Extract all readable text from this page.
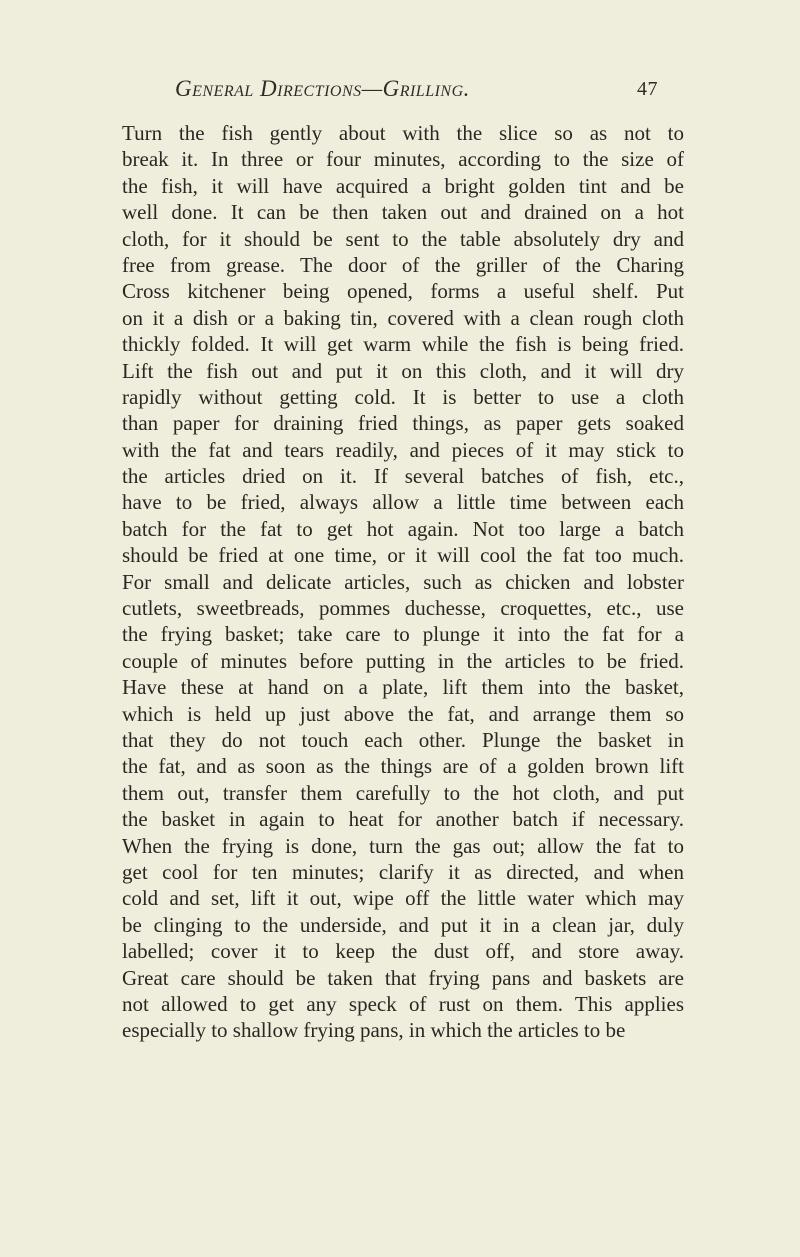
General Directions—Grilling.	47
Turn the fish gently about with the slice so as not to
break it. In three or four minutes, according to the size of
the fish, it will have acquired a bright golden tint and be
well done. It can be then taken out and drained on a hot
cloth, for it should be sent to the table absolutely dry and
free from grease. The door of the griller of the Charing
Cross kitchener being opened, forms a useful shelf. Put
on it a dish or a baking tin, covered with a clean rough cloth
thickly folded. It will get warm while the fish is being fried.
Lift the fish out and put it on this cloth, and it will dry
rapidly without getting cold. It is better to use a cloth
than paper for draining fried things, as paper gets soaked
with the fat and tears readily, and pieces of it may stick to
the articles dried on it. If several batches of fish, etc.,
have to be fried, always allow a little time between each
batch for the fat to get hot again. Not too large a batch
should be fried at one time, or it will cool the fat too much.
For small and delicate articles, such as chicken and lobster
cutlets, sweetbreads, pommes duchesse, croquettes, etc., use
the frying basket; take care to plunge it into the fat for a
couple of minutes before putting in the articles to be fried.
Have these at hand on a plate, lift them into the basket,
which is held up just above the fat, and arrange them so
that they do not touch each other. Plunge the basket in
the fat, and as soon as the things are of a golden brown lift
them out, transfer them carefully to the hot cloth, and put
the basket in again to heat for another batch if necessary.
When the frying is done, turn the gas out; allow the fat to
get cool for ten minutes; clarify it as directed, and when
cold and set, lift it out, wipe off the little water which may
be clinging to the underside, and put it in a clean jar, duly
labelled; cover it to keep the dust off, and store away.
Great care should be taken that frying pans and baskets are
not allowed to get any speck of rust on them. This applies
especially to shallow frying pans, in which the articles to be
